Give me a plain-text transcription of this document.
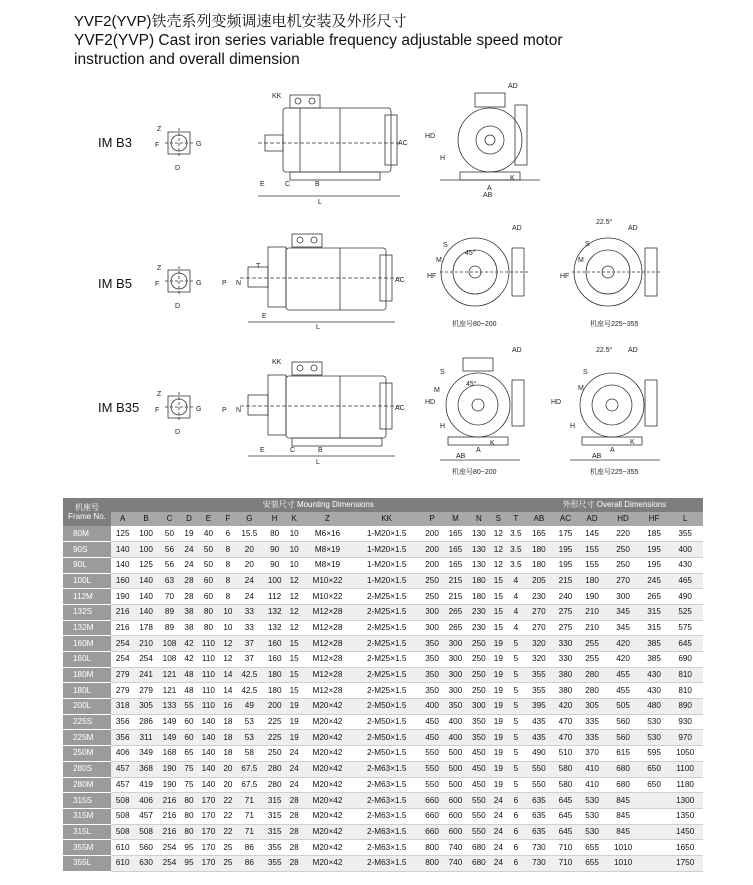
YVF2(YVP)铁壳系列变频调速电机安装及外形尺寸
YVF2(YVP) Cast iron series variable frequency adjustable speed motor
instruction and overall dimension
IM B3
IM B5
IM B35
Z
F	G
D
KK
AC
E	C	B
L
AD
HD
H
K
A
AB
Z
F	G
D
T
P N	AC
E
L
AD
S
M
45°
HF
机座号80~200
AD
22.5°
S
M
HF
机座号225~355
Z
F	G
D
KK
P N	AC
E	C	B
L
AD
S
M
45°
HD
H
K
A
AB
机座号80~200
AD
22.5°
S
M
HD
H
K
A
AB
机座号225~355
机座号
Frame No.	安装尺寸 Mounting Dimensions																外形尺寸 Overall Dimensions					
	A	B	C	D	E	F	G	H	K	Z	KK	P	M	N	S	T	AB	AC	AD	HD	HF	L
80M	125	100	50	19	40	6	15.5	80	10	M6×16	1-M20×1.5	200	165	130	12	3.5	165	175	145	220	185	355
90S	140	100	56	24	50	8	20	90	10	M8×19	1-M20×1.5	200	165	130	12	3.5	180	195	155	250	195	400
90L	140	125	56	24	50	8	20	90	10	M8×19	1-M20×1.5	200	165	130	12	3.5	180	195	155	250	195	430
100L	160	140	63	28	60	8	24	100	12	M10×22	1-M20×1.5	250	215	180	15	4	205	215	180	270	245	465
112M	190	140	70	28	60	8	24	112	12	M10×22	2-M25×1.5	250	215	180	15	4	230	240	190	300	265	490
132S	216	140	89	38	80	10	33	132	12	M12×28	2-M25×1.5	300	265	230	15	4	270	275	210	345	315	525
132M	216	178	89	38	80	10	33	132	12	M12×28	2-M25×1.5	300	265	230	15	4	270	275	210	345	315	575
160M	254	210	108	42	110	12	37	160	15	M12×28	2-M25×1.5	350	300	250	19	5	320	330	255	420	385	645
160L	254	254	108	42	110	12	37	160	15	M12×28	2-M25×1.5	350	300	250	19	5	320	330	255	420	385	690
180M	279	241	121	48	110	14	42.5	180	15	M12×28	2-M25×1.5	350	300	250	19	5	355	380	280	455	430	810
180L	279	279	121	48	110	14	42.5	180	15	M12×28	2-M25×1.5	350	300	250	19	5	355	380	280	455	430	810
200L	318	305	133	55	110	16	49	200	19	M20×42	2-M50×1.5	400	350	300	19	5	395	420	305	505	480	890
225S	356	286	149	60	140	18	53	225	19	M20×42	2-M50×1.5	450	400	350	19	5	435	470	335	560	530	930
225M	356	311	149	60	140	18	53	225	19	M20×42	2-M50×1.5	450	400	350	19	5	435	470	335	560	530	970
250M	406	349	168	65	140	18	58	250	24	M20×42	2-M50×1.5	550	500	450	19	5	490	510	370	615	595	1050
280S	457	368	190	75	140	20	67.5	280	24	M20×42	2-M63×1.5	550	500	450	19	5	550	580	410	680	650	1100
280M	457	419	190	75	140	20	67.5	280	24	M20×42	2-M63×1.5	550	500	450	19	5	550	580	410	680	650	1180
315S	508	406	216	80	170	22	71	315	28	M20×42	2-M63×1.5	660	600	550	24	6	635	645	530	845		1300
315M	508	457	216	80	170	22	71	315	28	M20×42	2-M63×1.5	660	600	550	24	6	635	645	530	845		1350
315L	508	508	216	80	170	22	71	315	28	M20×42	2-M63×1.5	660	600	550	24	6	635	645	530	845		1450
355M	610	560	254	95	170	25	86	355	28	M20×42	2-M63×1.5	800	740	680	24	6	730	710	655	1010		1650
355L	610	630	254	95	170	25	86	355	28	M20×42	2-M63×1.5	800	740	680	24	6	730	710	655	1010		1750
